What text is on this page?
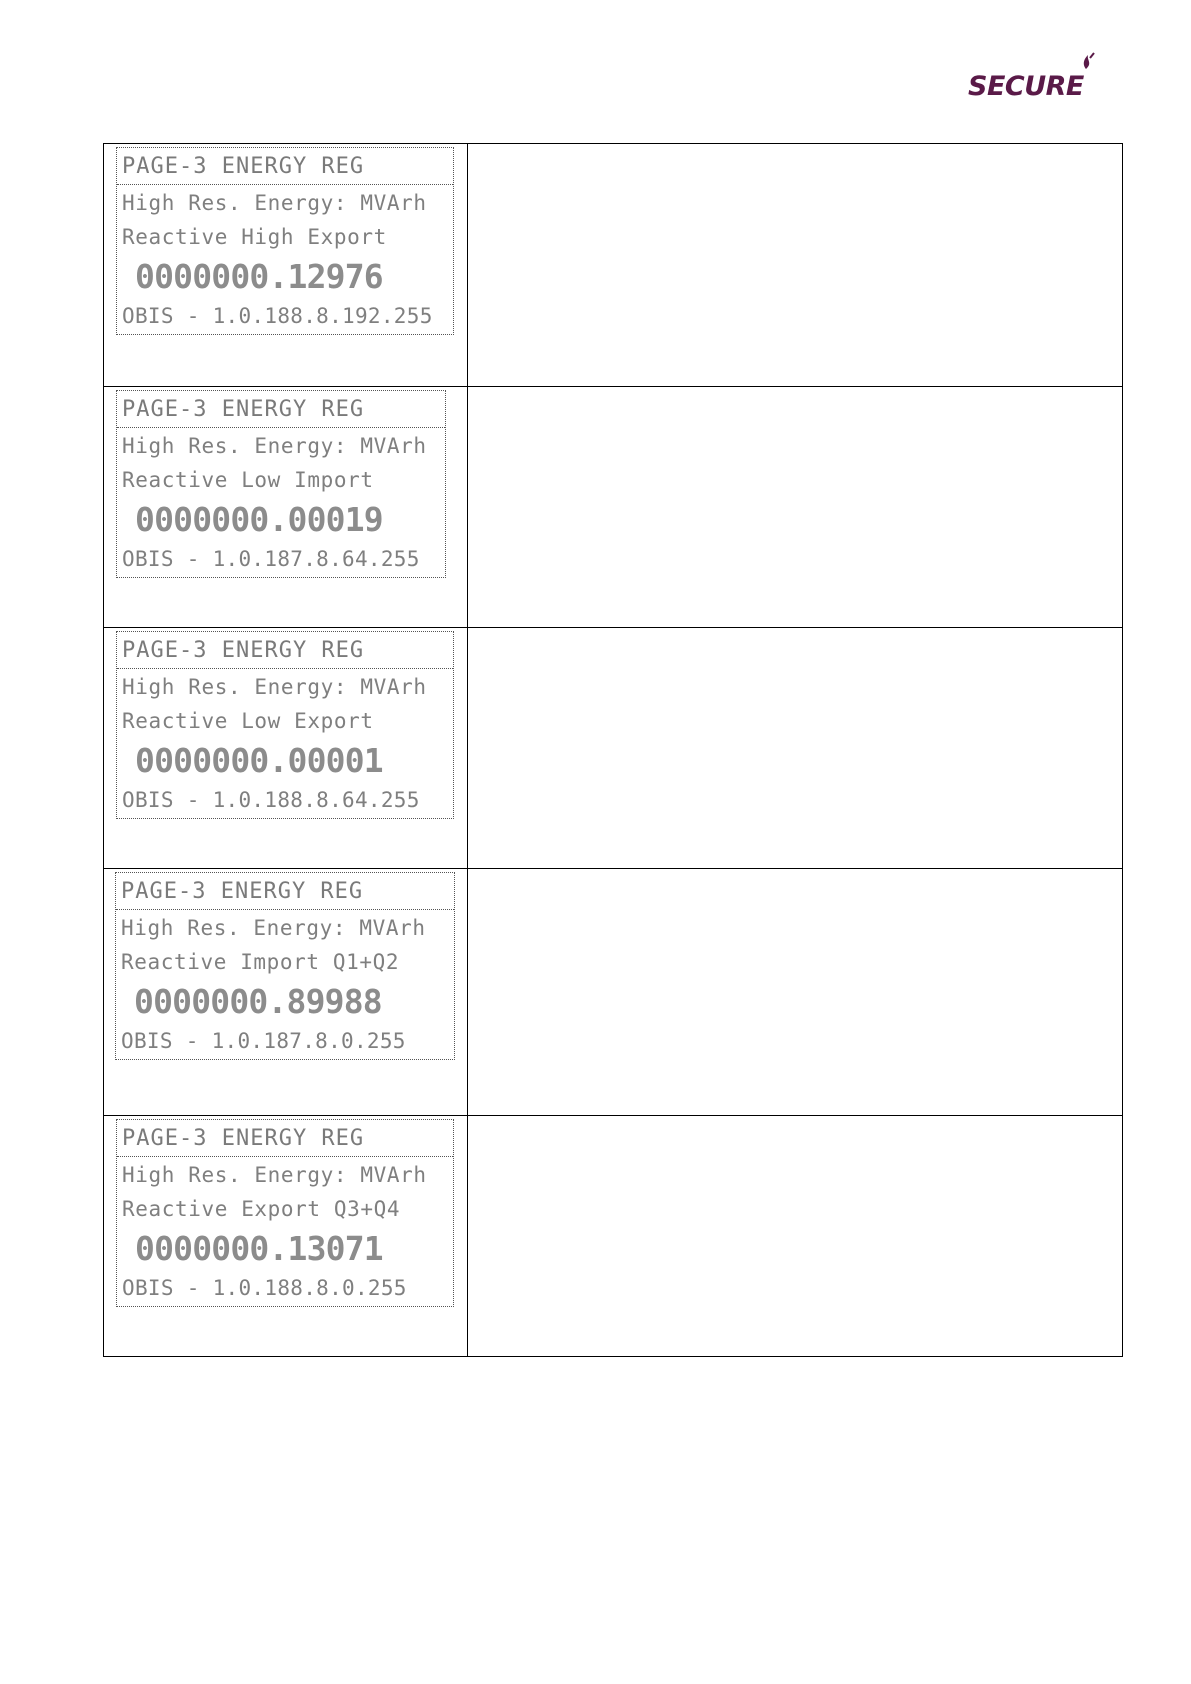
SECURE
PAGE-3 ENERGY REG
High Res. Energy: MVArh
Reactive High Export
0000000.12976
OBIS - 1.0.188.8.192.255	

PAGE-3 ENERGY REG
High Res. Energy: MVArh
Reactive Low Import
0000000.00019
OBIS - 1.0.187.8.64.255	

PAGE-3 ENERGY REG
High Res. Energy: MVArh
Reactive Low Export
0000000.00001
OBIS - 1.0.188.8.64.255	

PAGE-3 ENERGY REG
High Res. Energy: MVArh
Reactive Import Q1+Q2
0000000.89988
OBIS - 1.0.187.8.0.255	

PAGE-3 ENERGY REG
High Res. Energy: MVArh
Reactive Export Q3+Q4
0000000.13071
OBIS - 1.0.188.8.0.255	
